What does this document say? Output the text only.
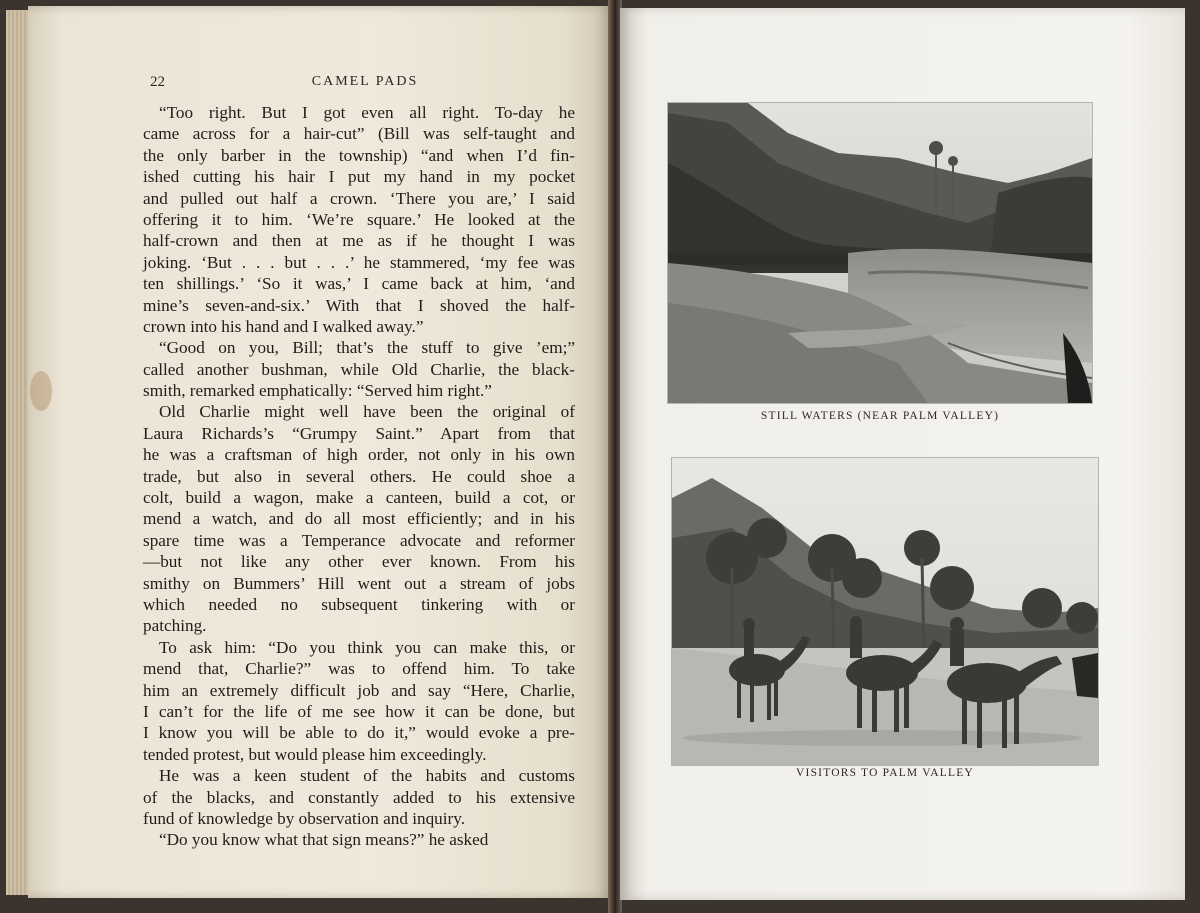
22	CAMEL PADS
“Too right. But I got even all right. To-day he
came across for a hair-cut” (Bill was self-taught and
the only barber in the township) “and when I’d fin-
ished cutting his hair I put my hand in my pocket
and pulled out half a crown. ‘There you are,’ I said
offering it to him. ‘We’re square.’ He looked at the
half-crown and then at me as if he thought I was
joking. ‘But . . . but . . .’ he stammered, ‘my fee was
ten shillings.’ ‘So it was,’ I came back at him, ‘and
mine’s seven-and-six.’ With that I shoved the half-
crown into his hand and I walked away.”
“Good on you, Bill; that’s the stuff to give ’em;”
called another bushman, while Old Charlie, the black-
smith, remarked emphatically: “Served him right.”
Old Charlie might well have been the original of
Laura Richards’s “Grumpy Saint.” Apart from that
he was a craftsman of high order, not only in his own
trade, but also in several others. He could shoe a
colt, build a wagon, make a canteen, build a cot, or
mend a watch, and do all most efficiently; and in his
spare time was a Temperance advocate and reformer
—but not like any other ever known. From his
smithy on Bummers’ Hill went out a stream of jobs
which needed no subsequent tinkering with or
patching.
To ask him: “Do you think you can make this, or
mend that, Charlie?” was to offend him. To take
him an extremely difficult job and say “Here, Charlie,
I can’t for the life of me see how it can be done, but
I know you will be able to do it,” would evoke a pre-
tended protest, but would please him exceedingly.
He was a keen student of the habits and customs
of the blacks, and constantly added to his extensive
fund of knowledge by observation and inquiry.
“Do you know what that sign means?” he asked
STILL WATERS (NEAR PALM VALLEY)
VISITORS TO PALM VALLEY
